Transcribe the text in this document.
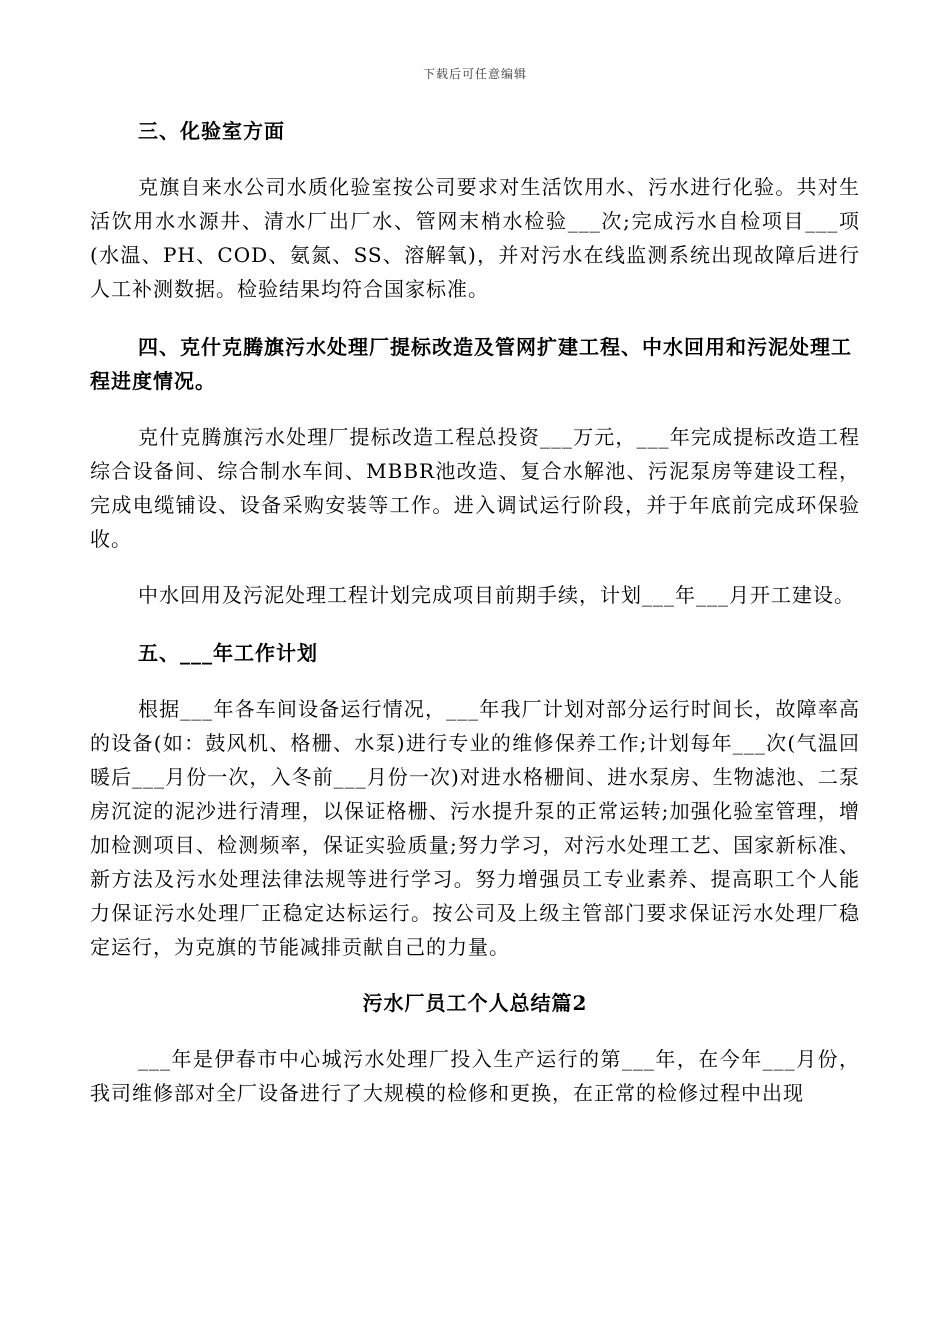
下载后可任意编辑

三、化验室方面

克旗自来水公司水质化验室按公司要求对生活饮用水、污水进行化验。共对生活饮用水水源井、清水厂出厂水、管网末梢水检验___次;完成污水自检项目___项(水温、PH、COD、氨氮、SS、溶解氧)，并对污水在线监测系统出现故障后进行人工补测数据。检验结果均符合国家标准。

四、克什克腾旗污水处理厂提标改造及管网扩建工程、中水回用和污泥处理工程进度情况。

克什克腾旗污水处理厂提标改造工程总投资___万元，___年完成提标改造工程综合设备间、综合制水车间、MBBR池改造、复合水解池、污泥泵房等建设工程，完成电缆铺设、设备采购安装等工作。进入调试运行阶段，并于年底前完成环保验收。

中水回用及污泥处理工程计划完成项目前期手续，计划___年___月开工建设。

五、___年工作计划

根据___年各车间设备运行情况，___年我厂计划对部分运行时间长，故障率高的设备(如：鼓风机、格栅、水泵)进行专业的维修保养工作;计划每年___次(气温回暖后___月份一次，入冬前___月份一次)对进水格栅间、进水泵房、生物滤池、二泵房沉淀的泥沙进行清理，以保证格栅、污水提升泵的正常运转;加强化验室管理，增加检测项目、检测频率，保证实验质量;努力学习，对污水处理工艺、国家新标准、新方法及污水处理法律法规等进行学习。努力增强员工专业素养、提高职工个人能力保证污水处理厂正稳定达标运行。按公司及上级主管部门要求保证污水处理厂稳定运行，为克旗的节能减排贡献自己的力量。

污水厂员工个人总结篇2

___年是伊春市中心城污水处理厂投入生产运行的第___年，在今年___月份，我司维修部对全厂设备进行了大规模的检修和更换，在正常的检修过程中出现
